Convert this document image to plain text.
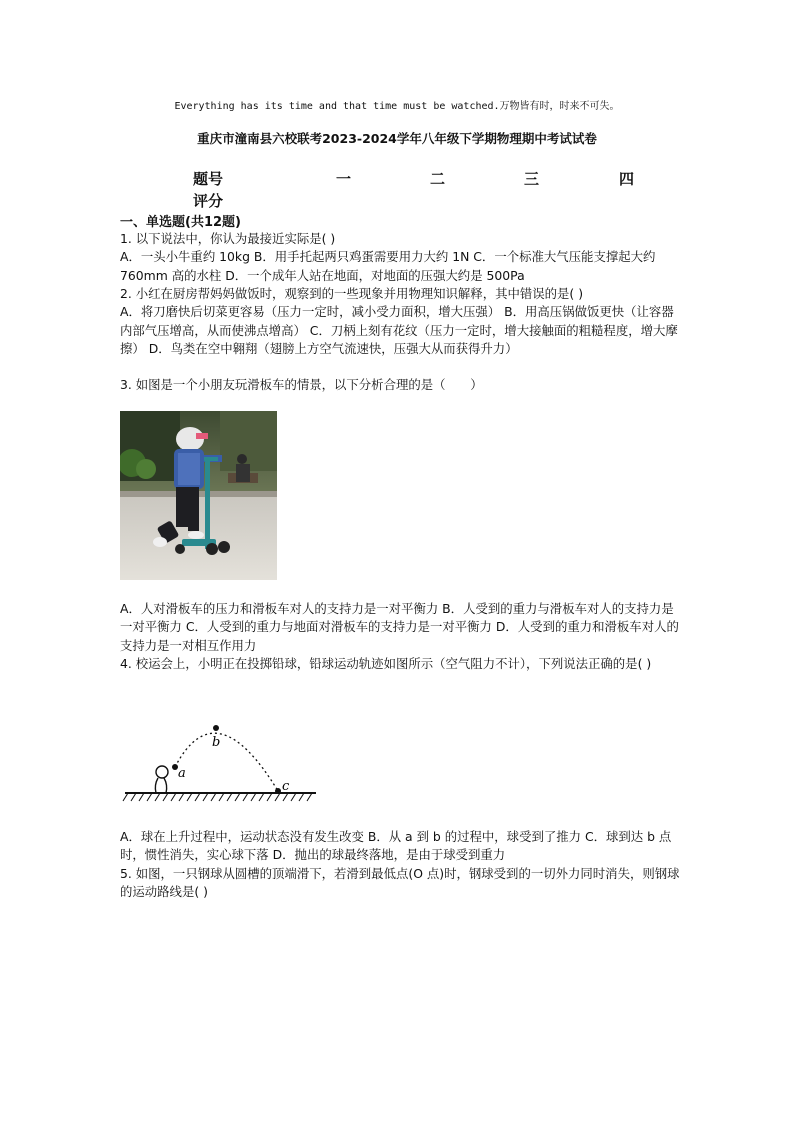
Everything has its time and that time must be watched.万物皆有时，时来不可失。
重庆市潼南县六校联考2023-2024学年八年级下学期物理期中考试试卷
题号	一	二	三	四
评分
一、单选题(共12题)
1. 以下说法中，你认为最接近实际是( )
A．一头小牛重约 10kg B．用手托起两只鸡蛋需要用力大约 1N C．一个标准大气压能支撑起大约 760mm 高的水柱 D．一个成年人站在地面，对地面的压强大约是 500Pa
2. 小红在厨房帮妈妈做饭时，观察到的一些现象并用物理知识解释，其中错误的是( )
A．将刀磨快后切菜更容易（压力一定时，减小受力面积，增大压强） B．用高压锅做饭更快（让容器内部气压增高，从而使沸点增高） C．刀柄上刻有花纹（压力一定时，增大接触面的粗糙程度，增大摩擦） D．鸟类在空中翱翔（翅膀上方空气流速快，压强大从而获得升力）
3. 如图是一个小朋友玩滑板车的情景，以下分析合理的是（　　）
A．人对滑板车的压力和滑板车对人的支持力是一对平衡力 B．人受到的重力与滑板车对人的支持力是一对平衡力 C．人受到的重力与地面对滑板车的支持力是一对平衡力 D．人受到的重力和滑板车对人的支持力是一对相互作用力
4. 校运会上，小明正在投掷铅球，铅球运动轨迹如图所示（空气阻力不计），下列说法正确的是( )
a
b
c
A．球在上升过程中，运动状态没有发生改变 B．从 a 到 b 的过程中，球受到了推力 C．球到达 b 点时，惯性消失，实心球下落 D．抛出的球最终落地，是由于球受到重力
5. 如图，一只钢球从圆槽的顶端滑下，若滑到最低点(O 点)时，钢球受到的一切外力同时消失，则钢球的运动路线是( )
